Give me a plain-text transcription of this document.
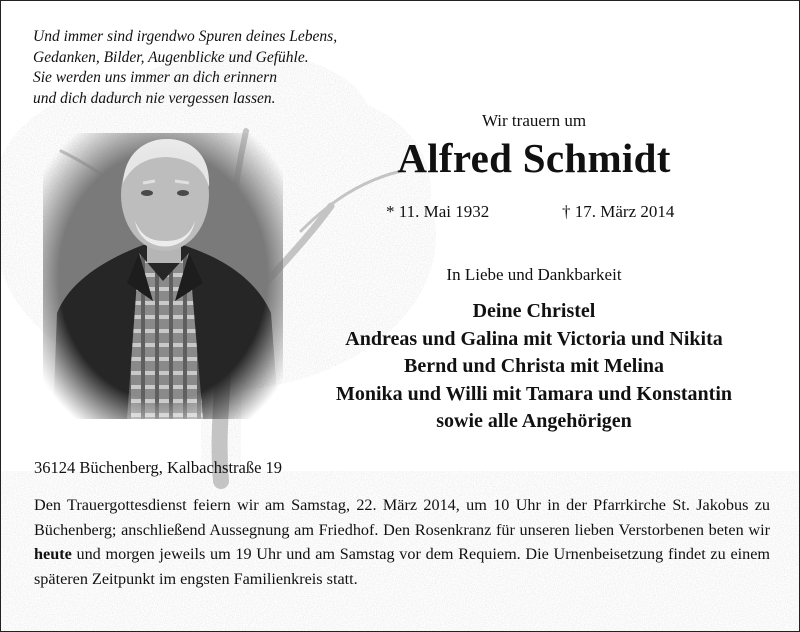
Und immer sind irgendwo Spuren deines Lebens,
Gedanken, Bilder, Augenblicke und Gefühle.
Sie werden uns immer an dich erinnern
und dich dadurch nie vergessen lassen.
Wir trauern um
Alfred Schmidt
* 11. Mai 1932	† 17. März 2014
In Liebe und Dankbarkeit
Deine Christel
Andreas und Galina mit Victoria und Nikita
Bernd und Christa mit Melina
Monika und Willi mit Tamara und Konstantin
sowie alle Angehörigen
36124 Büchenberg, Kalbachstraße 19
Den Trauergottesdienst feiern wir am Samstag, 22. März 2014, um 10 Uhr in der Pfarrkirche St. Jakobus zu Büchenberg; anschließend Aussegnung am Friedhof. Den Rosenkranz für unseren lieben Verstorbenen beten wir heute und morgen jeweils um 19 Uhr und am Samstag vor dem Requiem. Die Urnenbeisetzung findet zu einem späteren Zeitpunkt im engsten Familienkreis statt.
